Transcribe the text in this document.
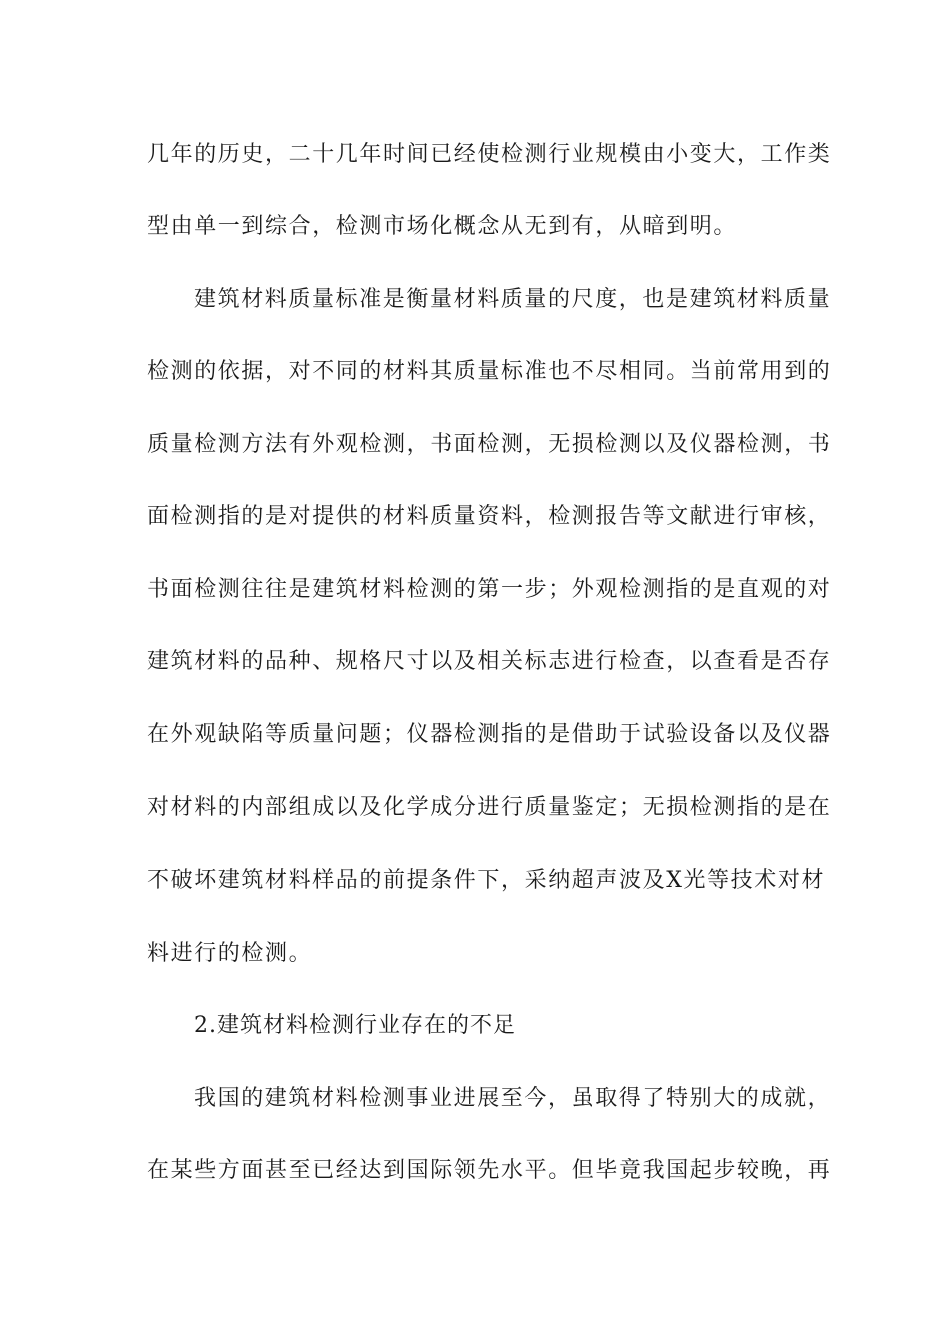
几年的历史，二十几年时间已经使检测行业规模由小变大，工作类
型由单一到综合，检测市场化概念从无到有，从暗到明。
建筑材料质量标准是衡量材料质量的尺度，也是建筑材料质量
检测的依据，对不同的材料其质量标准也不尽相同。当前常用到的
质量检测方法有外观检测，书面检测，无损检测以及仪器检测，书
面检测指的是对提供的材料质量资料，检测报告等文献进行审核，
书面检测往往是建筑材料检测的第一步；外观检测指的是直观的对
建筑材料的品种、规格尺寸以及相关标志进行检查，以查看是否存
在外观缺陷等质量问题；仪器检测指的是借助于试验设备以及仪器
对材料的内部组成以及化学成分进行质量鉴定；无损检测指的是在
不破坏建筑材料样品的前提条件下，采纳超声波及X光等技术对材
料进行的检测。
2.建筑材料检测行业存在的不足
我国的建筑材料检测事业进展至今，虽取得了特别大的成就，
在某些方面甚至已经达到国际领先水平。但毕竟我国起步较晚，再
